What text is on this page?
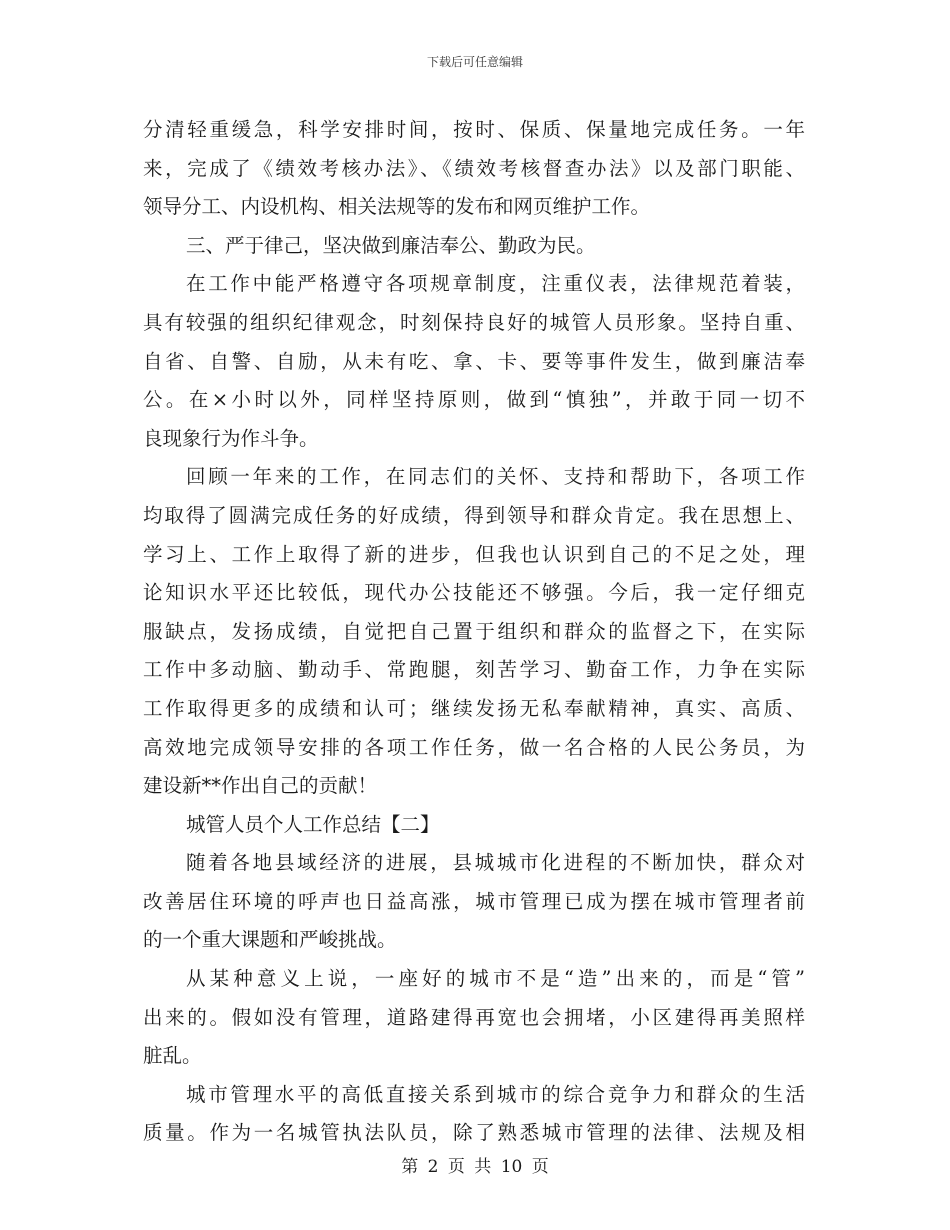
下载后可任意编辑
分清轻重缓急，科学安排时间，按时、保质、保量地完成任务。一年
来，完成了《绩效考核办法》、《绩效考核督查办法》以及部门职能、
领导分工、内设机构、相关法规等的发布和网页维护工作。
三、严于律己，坚决做到廉洁奉公、勤政为民。
在工作中能严格遵守各项规章制度，注重仪表，法律规范着装，
具有较强的组织纪律观念，时刻保持良好的城管人员形象。坚持自重、
自省、自警、自励，从未有吃、拿、卡、要等事件发生，做到廉洁奉
公。在×小时以外，同样坚持原则，做到“慎独”，并敢于同一切不
良现象行为作斗争。
回顾一年来的工作，在同志们的关怀、支持和帮助下，各项工作
均取得了圆满完成任务的好成绩，得到领导和群众肯定。我在思想上、
学习上、工作上取得了新的进步，但我也认识到自己的不足之处，理
论知识水平还比较低，现代办公技能还不够强。今后，我一定仔细克
服缺点，发扬成绩，自觉把自己置于组织和群众的监督之下，在实际
工作中多动脑、勤动手、常跑腿，刻苦学习、勤奋工作，力争在实际
工作取得更多的成绩和认可；继续发扬无私奉献精神，真实、高质、
高效地完成领导安排的各项工作任务，做一名合格的人民公务员，为
建设新**作出自己的贡献！
城管人员个人工作总结【二】
随着各地县域经济的进展，县城城市化进程的不断加快，群众对
改善居住环境的呼声也日益高涨，城市管理已成为摆在城市管理者前
的一个重大课题和严峻挑战。
从某种意义上说，一座好的城市不是“造”出来的，而是“管”
出来的。假如没有管理，道路建得再宽也会拥堵，小区建得再美照样
脏乱。
城市管理水平的高低直接关系到城市的综合竞争力和群众的生活
质量。作为一名城管执法队员，除了熟悉城市管理的法律、法规及相
第 2 页 共 10 页
